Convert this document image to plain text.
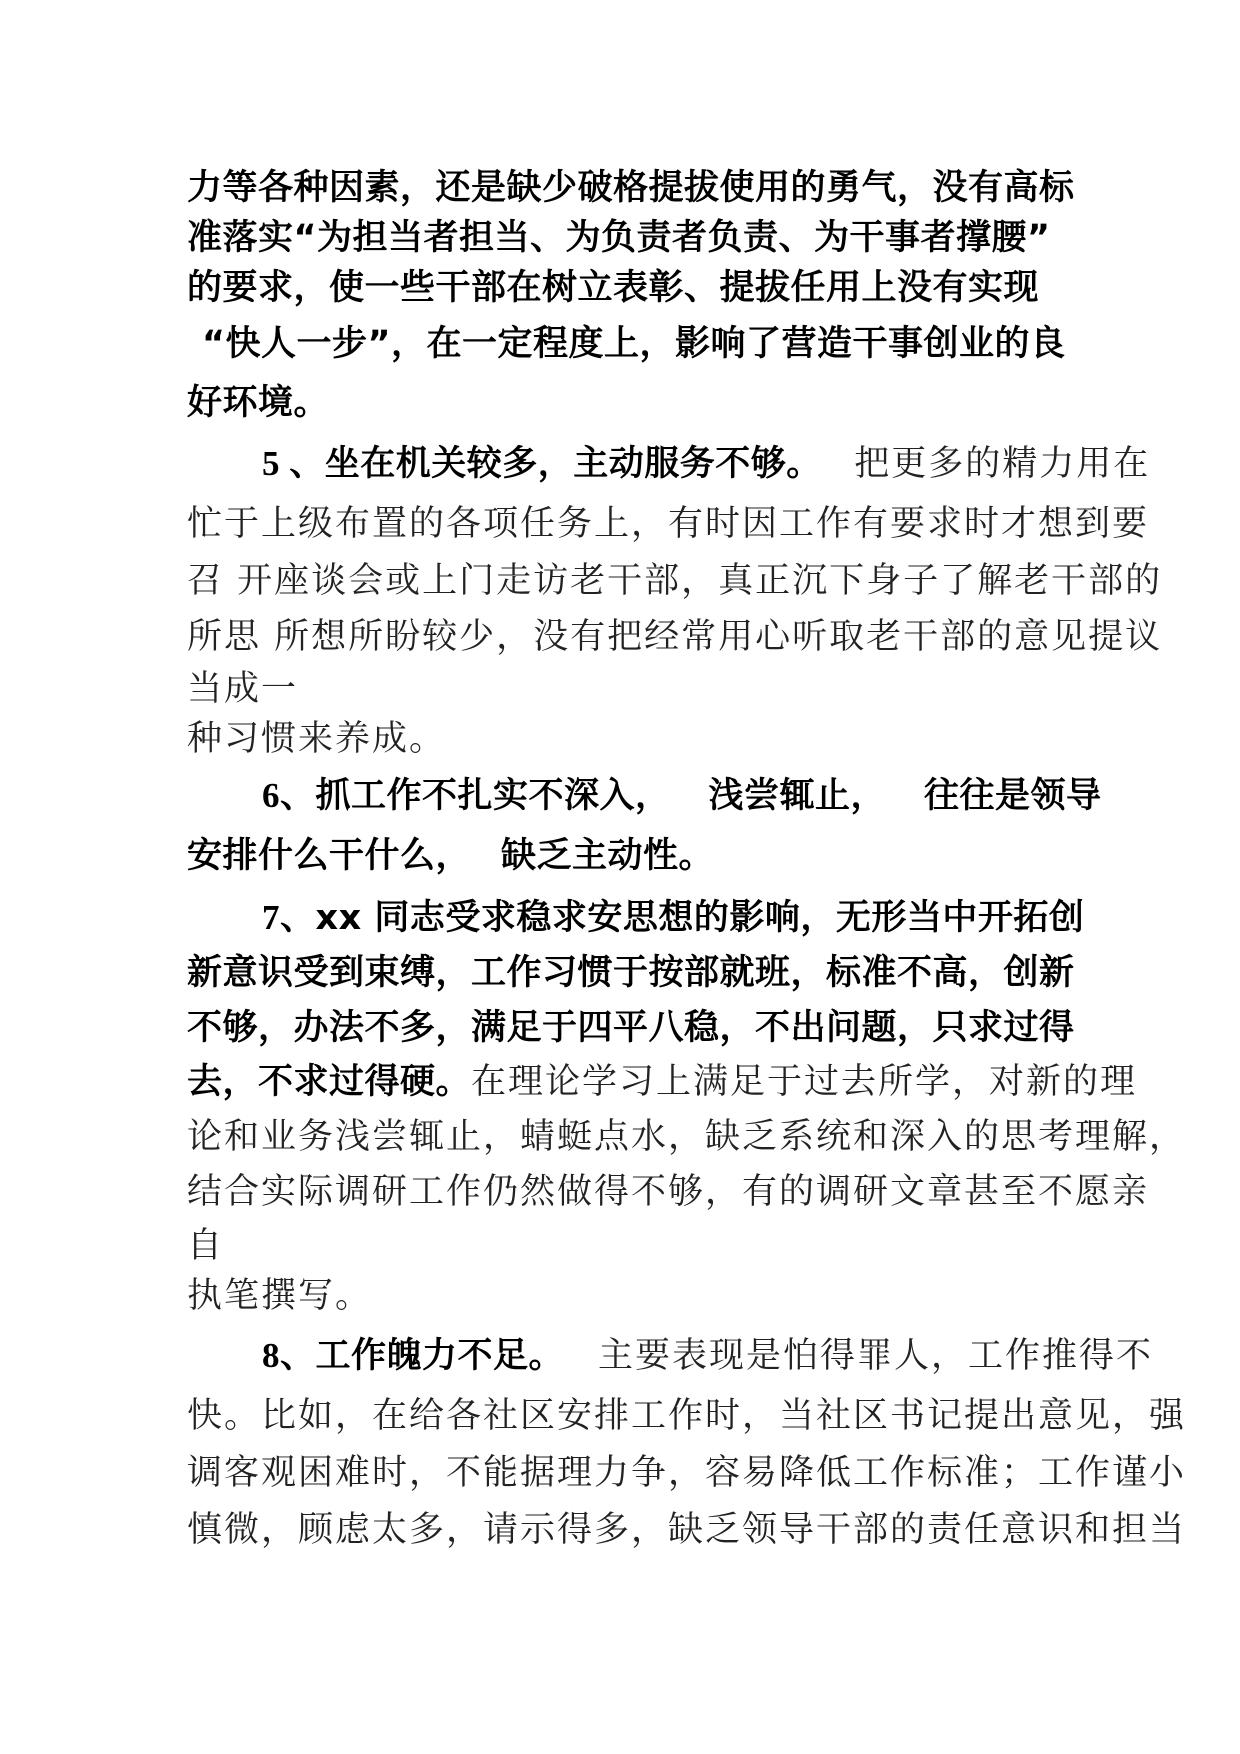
力等各种因素，还是缺少破格提拔使用的勇气，没有高标
准落实“为担当者担当、为负责者负责、为干事者撑腰”
的要求，使一些干部在树立表彰、提拔任用上没有实现
“快人一步”，在一定程度上，影响了营造干事创业的良
好环境。
5 、坐在机关较多，主动服务不够。 把更多的精力用在
忙于上级布置的各项任务上，有时因工作有要求时才想到要
召 开座谈会或上门走访老干部，真正沉下身子了解老干部的
所思 所想所盼较少，没有把经常用心听取老干部的意见提议
当成一
种习惯来养成。
6、抓工作不扎实不深入， 浅尝辄止， 往往是领导
安排什么干什么， 缺乏主动性。
7、xx 同志受求稳求安思想的影响，无形当中开拓创
新意识受到束缚，工作习惯于按部就班，标准不高，创新
不够，办法不多，满足于四平八稳，不出问题，只求过得
去，不求过得硬。在理论学习上满足于过去所学，对新的理
论和业务浅尝辄止，蜻蜓点水，缺乏系统和深入的思考理解，
结合实际调研工作仍然做得不够，有的调研文章甚至不愿亲
自
执笔撰写。
8、工作魄力不足。 主要表现是怕得罪人，工作推得不
快。比如，在给各社区安排工作时，当社区书记提出意见，强
调客观困难时，不能据理力争，容易降低工作标准；工作谨小
慎微，顾虑太多，请示得多，缺乏领导干部的责任意识和担当
